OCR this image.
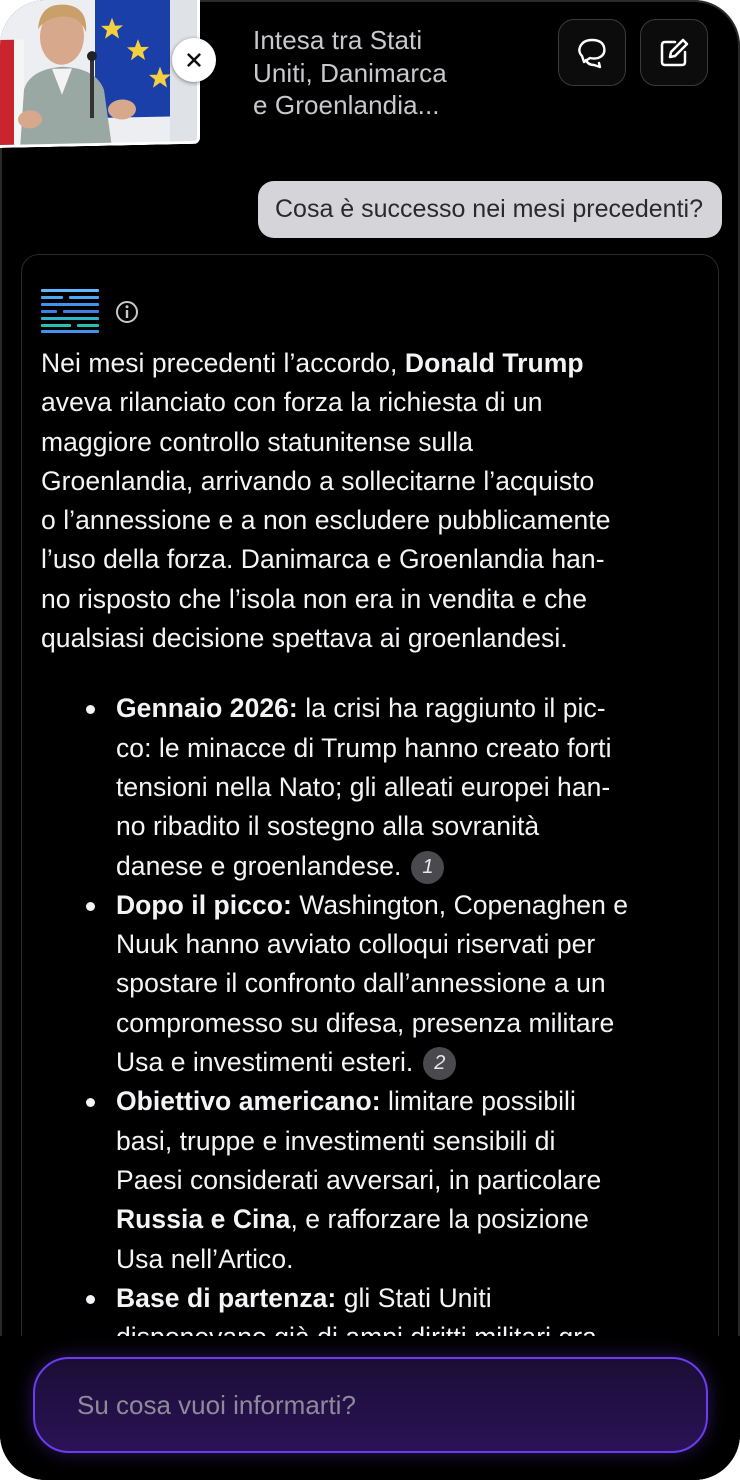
Intesa tra Stati
Uniti, Danimarca
e Groenlandia...
Cosa è successo nei mesi precedenti?

Nei mesi precedenti l’accordo, Donald Trump
aveva rilanciato con forza la richiesta di un
maggiore controllo statunitense sulla
Groenlandia, arrivando a sollecitarne l’acquisto
o l’annessione e a non escludere pubblicamente
l’uso della forza. Danimarca e Groenlandia han-
no risposto che l’isola non era in vendita e che
qualsiasi decisione spettava ai groenlandesi.

Gennaio 2026: la crisi ha raggiunto il pic-
co: le minacce di Trump hanno creato forti
tensioni nella Nato; gli alleati europei han-
no ribadito il sostegno alla sovranità
danese e groenlandese. 1
Dopo il picco: Washington, Copenaghen e
Nuuk hanno avviato colloqui riservati per
spostare il confronto dall’annessione a un
compromesso su difesa, presenza militare
Usa e investimenti esteri. 2
Obiettivo americano: limitare possibili
basi, truppe e investimenti sensibili di
Paesi considerati avversari, in particolare
Russia e Cina, e rafforzare la posizione
Usa nell’Artico.
Base di partenza: gli Stati Uniti
Su cosa vuoi informarti?
